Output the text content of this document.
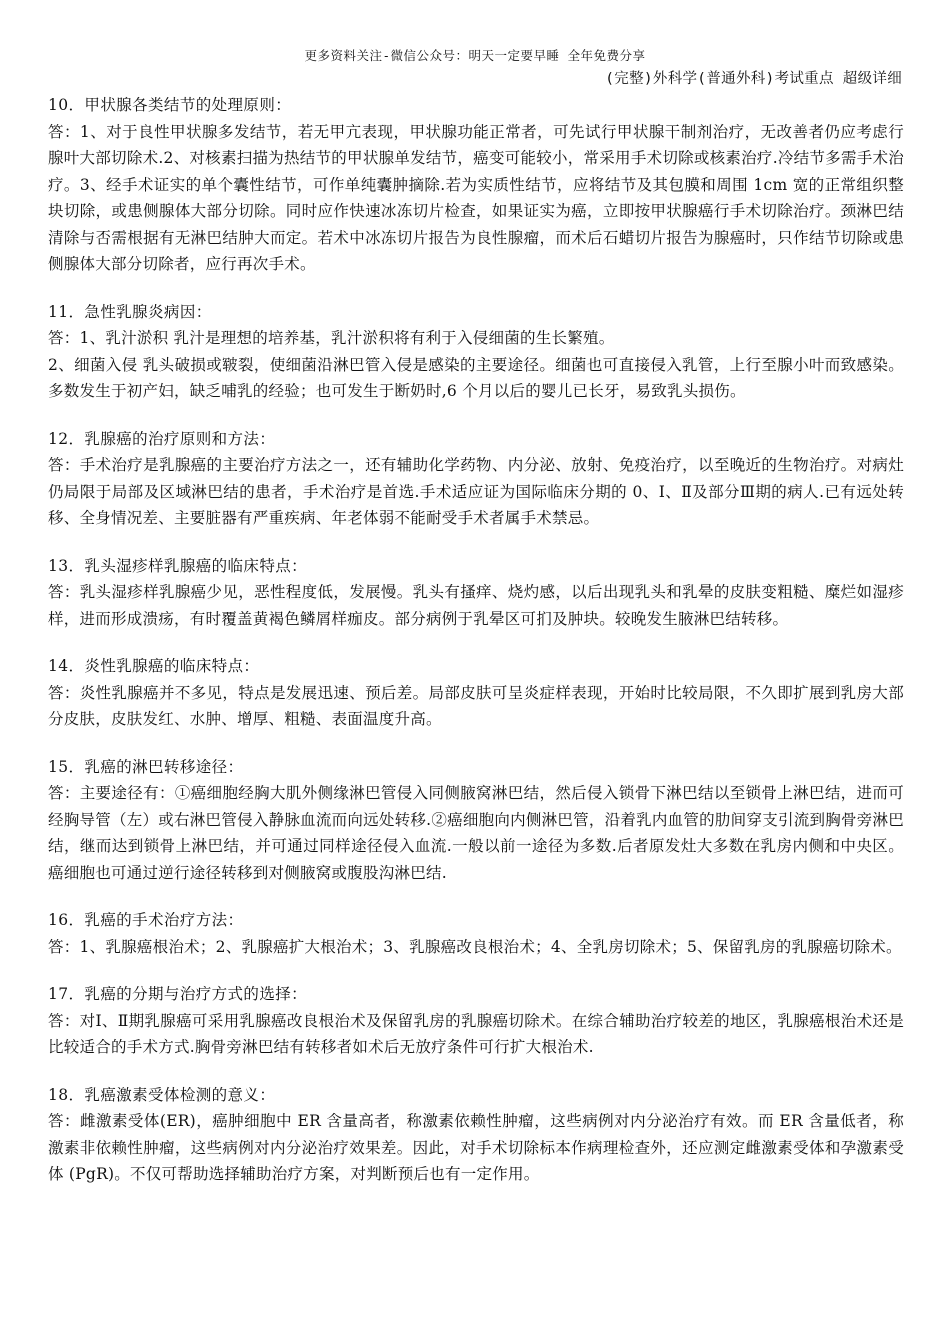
更多资料关注-微信公众号：明天一定要早睡 全年免费分享
(完整)外科学(普通外科)考试重点 超级详细

10．甲状腺各类结节的处理原则：

答：1、对于良性甲状腺多发结节，若无甲亢表现，甲状腺功能正常者，可先试行甲状腺干制剂治疗，无改善者仍应考虑行腺叶大部切除术.2、对核素扫描为热结节的甲状腺单发结节，癌变可能较小，常采用手术切除或核素治疗.冷结节多需手术治疗。3、经手术证实的单个囊性结节，可作单纯囊肿摘除.若为实质性结节，应将结节及其包膜和周围 1cm 宽的正常组织整块切除，或患侧腺体大部分切除。同时应作快速冰冻切片检查，如果证实为癌，立即按甲状腺癌行手术切除治疗。颈淋巴结清除与否需根据有无淋巴结肿大而定。若术中冰冻切片报告为良性腺瘤，而术后石蜡切片报告为腺癌时，只作结节切除或患侧腺体大部分切除者，应行再次手术。

11．急性乳腺炎病因：

答：1、乳汁淤积 乳汁是理想的培养基，乳汁淤积将有利于入侵细菌的生长繁殖。

2、细菌入侵 乳头破损或皲裂，使细菌沿淋巴管入侵是感染的主要途径。细菌也可直接侵入乳管，上行至腺小叶而致感染。多数发生于初产妇，缺乏哺乳的经验；也可发生于断奶时,6 个月以后的婴儿已长牙，易致乳头损伤。

12．乳腺癌的治疗原则和方法：

答：手术治疗是乳腺癌的主要治疗方法之一，还有辅助化学药物、内分泌、放射、免疫治疗，以至晚近的生物治疗。对病灶仍局限于局部及区域淋巴结的患者，手术治疗是首选.手术适应证为国际临床分期的 0、Ⅰ、Ⅱ及部分Ⅲ期的病人.已有远处转移、全身情况差、主要脏器有严重疾病、年老体弱不能耐受手术者属手术禁忌。

13．乳头湿疹样乳腺癌的临床特点：

答：乳头湿疹样乳腺癌少见，恶性程度低，发展慢。乳头有搔痒、烧灼感，以后出现乳头和乳晕的皮肤变粗糙、糜烂如湿疹样，进而形成溃疡，有时覆盖黄褐色鳞屑样痂皮。部分病例于乳晕区可扪及肿块。较晚发生腋淋巴结转移。

14．炎性乳腺癌的临床特点：

答：炎性乳腺癌并不多见，特点是发展迅速、预后差。局部皮肤可呈炎症样表现，开始时比较局限，不久即扩展到乳房大部分皮肤，皮肤发红、水肿、增厚、粗糙、表面温度升高。

15．乳癌的淋巴转移途径：

答：主要途径有：①癌细胞经胸大肌外侧缘淋巴管侵入同侧腋窝淋巴结，然后侵入锁骨下淋巴结以至锁骨上淋巴结，进而可经胸导管（左）或右淋巴管侵入静脉血流而向远处转移.②癌细胞向内侧淋巴管，沿着乳内血管的肋间穿支引流到胸骨旁淋巴结，继而达到锁骨上淋巴结，并可通过同样途径侵入血流.一般以前一途径为多数.后者原发灶大多数在乳房内侧和中央区。癌细胞也可通过逆行途径转移到对侧腋窝或腹股沟淋巴结.

16．乳癌的手术治疗方法：

答：1、乳腺癌根治术；2、乳腺癌扩大根治术；3、乳腺癌改良根治术；4、全乳房切除术；5、保留乳房的乳腺癌切除术。

17．乳癌的分期与治疗方式的选择：

答：对Ⅰ、Ⅱ期乳腺癌可采用乳腺癌改良根治术及保留乳房的乳腺癌切除术。在综合辅助治疗较差的地区，乳腺癌根治术还是比较适合的手术方式.胸骨旁淋巴结有转移者如术后无放疗条件可行扩大根治术.

18．乳癌激素受体检测的意义：

答：雌激素受体(ER)，癌肿细胞中 ER 含量高者，称激素依赖性肿瘤，这些病例对内分泌治疗有效。而 ER 含量低者，称激素非依赖性肿瘤，这些病例对内分泌治疗效果差。因此，对手术切除标本作病理检查外，还应测定雌激素受体和孕激素受体 (PgR)。不仅可帮助选择辅助治疗方案，对判断预后也有一定作用。
